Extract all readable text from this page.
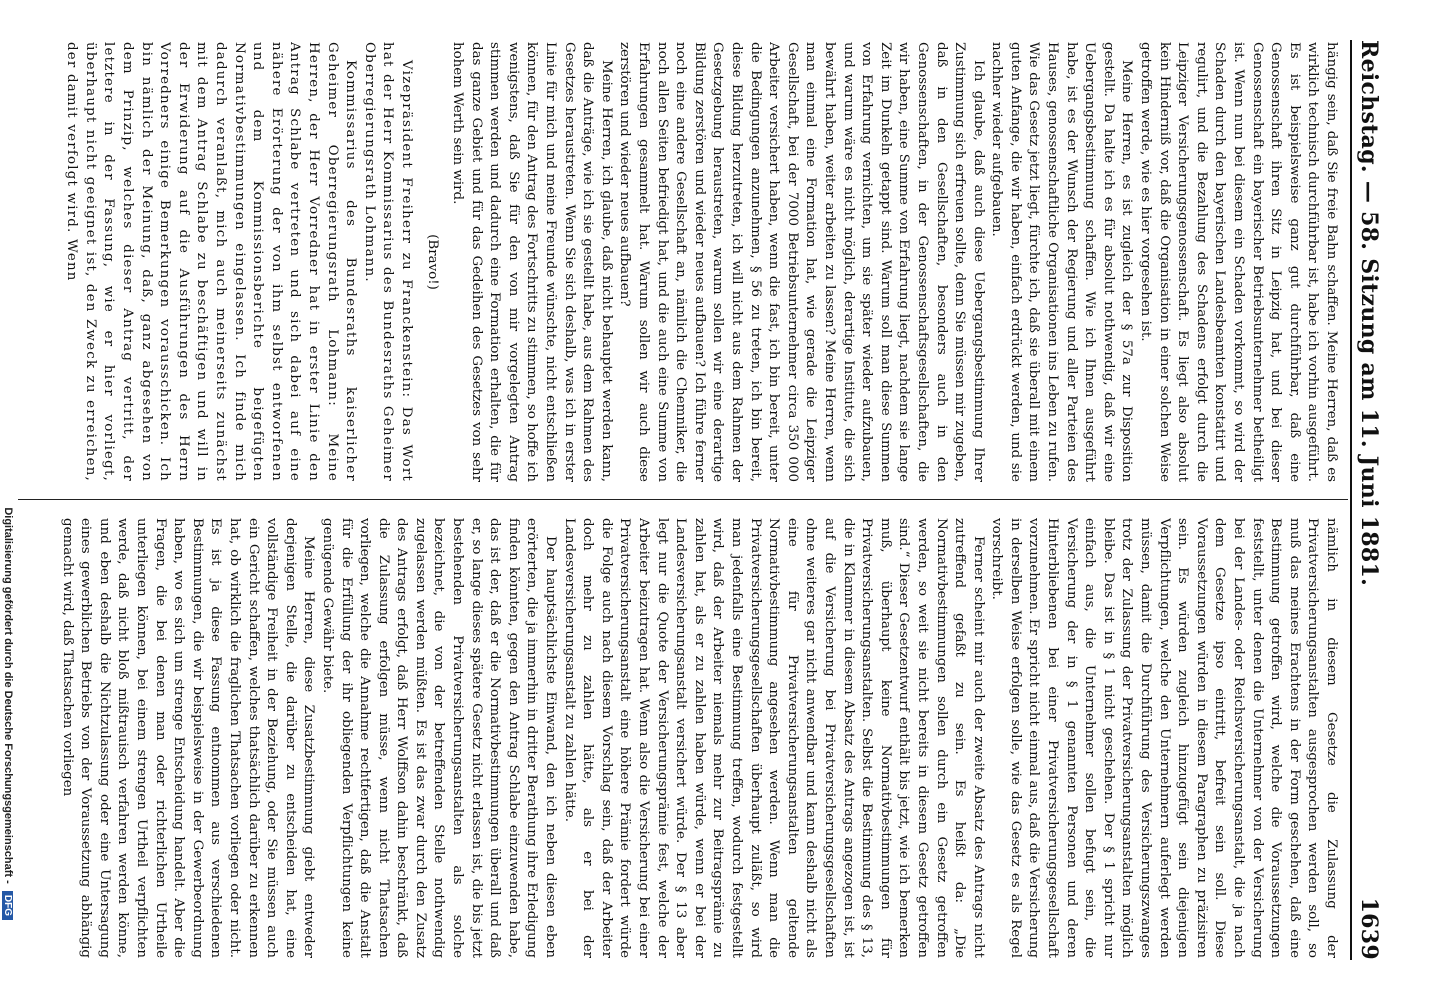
Reichstag. — 58. Sitzung am 11. Juni 1881.
1639

hängig sein, daß Sie freie Bahn schaffen. Meine Herren, daß es wirklich technisch durchführbar ist, habe ich vorhin ausgeführt. Es ist beispielsweise ganz gut durchführbar, daß eine Genossenschaft ihren Sitz in Leipzig hat, und bei dieser Genossenschaft ein bayerischer Betriebsunternehmer betheiligt ist. Wenn nun bei diesem ein Schaden vorkommt, so wird der Schaden durch den bayerischen Landesbeamten konstatirt und regulirt, und die Bezahlung des Schadens erfolgt durch die Leipziger Versicherungsgenossenschaft. Es liegt also absolut kein Hinderniß vor, daß die Organisation in einer solchen Weise getroffen werde, wie es hier vorgesehen ist.

Meine Herren, es ist zugleich der § 57a zur Disposition gestellt. Da halte ich es für absolut nothwendig, daß wir eine Uebergangsbestimmung schaffen. Wie ich Ihnen ausgeführt habe, ist es der Wunsch der Regierung und aller Parteien des Hauses, genossenschaftliche Organisationen ins Leben zu rufen. Wie das Gesetz jetzt liegt, fürchte ich, daß sie überall mit einem guten Anfange, die wir haben, einfach erdrückt werden, und sie nachher wieder aufgebauen.

Ich glaube, daß auch diese Uebergangsbestimmung Ihrer Zustimmung sich erfreuen sollte, denn Sie müssen mir zugeben, daß in den Gesellschaften, besonders auch in den Genossenschaften, in der Genossenschaftsgesellschaften, die wir haben, eine Summe von Erfahrung liegt, nachdem sie lange Zeit im Dunkeln getappt sind. Warum soll man diese Summen von Erfahrung vernichten, um sie später wieder aufzubauen, und warum wäre es nicht möglich, derartige Institute, die sich bewährt haben, weiter arbeiten zu lassen? Meine Herren, wenn man einmal eine Formation hat, wie gerade die Leipziger Gesellschaft, bei der 7000 Betriebsunternehmer circa 350 000 Arbeiter versichert haben, wenn die fast, ich bin bereit, unter die Bedingungen anzunehmen, § 56 zu treten, ich bin bereit, diese Bildung herzutreten, ich will nicht aus dem Rahmen der Gesetzgebung heraustreten, warum sollen wir eine derartige Bildung zerstören und wieder neues aufbauen? Ich führe ferner noch eine andere Gesellschaft an, nämlich die Chemniker, die noch allen Seiten befriedigt hat, und die auch eine Summe von Erfahrungen gesammelt hat. Warum sollen wir auch diese zerstören und wieder neues aufbauen?

Meine Herren, ich glaube, daß nicht behauptet werden kann, daß die Anträge, wie ich sie gestellt habe, aus dem Rahmen des Gesetzes heraustreten. Wenn Sie sich deshalb, was ich in erster Linie für mich und meine Freunde wünschte, nicht entschließen können, für den Antrag des Fortschritts zu stimmen, so hoffe ich wenigstens, daß Sie für den von mir vorgelegten Antrag stimmen werden und dadurch eine Formation erhalten, die für das ganze Gebiet und für das Gedeihen des Gesetzes von sehr hohem Werth sein wird.

(Bravo!)

Vizepräsident Freiherr zu Franckenstein: Das Wort hat der Herr Kommissarius des Bundesraths Geheimer Oberregierungsrath Lohmann.

Kommissarius des Bundesraths kaiserlicher Geheimer Oberregierungsrath Lohmann: Meine Herren, der Herr Vorredner hat in erster Linie den Antrag Schlabe vertreten und sich dabei auf eine nähere Erörterung der von ihm selbst entworfenen und dem Kommissionsberichte beigefügten Normativbestimmungen eingelassen. Ich finde mich dadurch veranlaßt, mich auch meinerseits zunächst mit dem Antrag Schlabe zu beschäftigen und will in der Erwiderung auf die Ausführungen des Herrn Vorredners einige Bemerkungen vorausschicken. Ich bin nämlich der Meinung, daß, ganz abgesehen von dem Prinzip, welches dieser Antrag vertritt, der letztere in der Fassung, wie er hier vorliegt, überhaupt nicht geeignet ist, den Zweck zu erreichen, der damit verfolgt wird. Wenn

nämlich in diesem Gesetze die Zulassung der Privatversicherungsanstalten ausgesprochen werden soll, so muß das meines Erachtens in der Form geschehen, daß eine Bestimmung getroffen wird, welche die Voraussetzungen feststellt, unter denen die Unternehmer von der Versicherung bei der Landes- oder Reichsversicherungsanstalt, die ja nach dem Gesetze ipso eintritt, befreit sein soll. Diese Voraussetzungen würden in diesem Paragraphen zu präzisiren sein. Es würden zugleich hinzugefügt sein diejenigen Verpflichtungen, welche den Unternehmern auferlegt werden müssen, damit die Durchführung des Versicherungszwanges trotz der Zulassung der Privatversicherungsanstalten möglich bleibe. Das ist in § 1 nicht geschehen. Der § 1 spricht nur einfach aus, die Unternehmer sollen befugt sein, die Versicherung der in § 1 genannten Personen und deren Hinterbliebenen bei einer Privatversicherungsgesellschaft vorzunehmen. Er spricht nicht einmal aus, daß die Versicherung in derselben Weise erfolgen solle, wie das Gesetz es als Regel vorschreibt.

Ferner scheint mir auch der zweite Absatz des Antrags nicht zutreffend gefaßt zu sein. Es heißt da: „Die Normativbestimmungen sollen durch ein Gesetz getroffen werden, so weit sie nicht bereits in diesem Gesetz getroffen sind.“ Dieser Gesetzentwurf enthält bis jetzt, wie ich bemerken muß, überhaupt keine Normativbestimmungen für Privatversicherungsanstalten. Selbst die Bestimmung des § 13, die in Klammer in diesem Absatz des Antrags angezogen ist, ist auf die Versicherung bei Privatversicherungsgesellschaften ohne weiteres gar nicht anwendbar und kann deshalb nicht als eine für Privatversicherungsanstalten geltende Normativbestimmung angesehen werden. Wenn man die Privatversicherungsgesellschaften überhaupt zuläßt, so wird man jedenfalls eine Bestimmung treffen, wodurch festgestellt wird, daß der Arbeiter niemals mehr zur Beitragsprämie zu zahlen hat, als er zu zahlen haben würde, wenn er bei der Landesversicherungsanstalt versichert würde. Der § 13 aber legt nur die Quote der Versicherungsprämie fest, welche der Arbeiter beizutragen hat. Wenn also die Versicherung bei einer Privatversicherungsanstalt eine höhere Prämie fordert würde die Folge auch nach diesem Vorschlag sein, daß der Arbeiter doch mehr zu zahlen hätte, als er bei der Landesversicherungsanstalt zu zahlen hätte.

Der hauptsächlichste Einwand, den ich neben diesen eben erörterten, die ja immerhin in dritter Berathung ihre Erledigung finden könnten, gegen den Antrag Schlabe einzuwenden habe, das ist der, daß er die Normativbestimmungen überall und daß er, so lange dieses spätere Gesetz nicht erlassen ist, die bis jetzt bestehenden Privatversicherungsanstalten als solche bezeichnet, die von der betreffenden Stelle nothwendig zugelassen werden müßten. Es ist das zwar durch den Zusatz des Antrags erfolgt, daß Herr Wolffson dahin beschränkt, daß die Zulassung erfolgen müsse, wenn nicht Thatsachen vorliegen, welche die Annahme rechtfertigen, daß die Anstalt für die Erfüllung der ihr obliegenden Verpflichtungen keine genügende Gewähr biete.

Meine Herren, diese Zusatzbestimmung giebt entweder derjenigen Stelle, die darüber zu entscheiden hat, eine vollständige Freiheit in der Beziehung, oder Sie müssen auch ein Gericht schaffen, welches thatsächlich darüber zu erkennen hat, ob wirklich die fraglichen Thatsachen vorliegen oder nicht. Es ist ja diese Fassung entnommen aus verschiedenen Bestimmungen, die wir beispielsweise in der Gewerbeordnung haben, wo es sich um strenge Entscheidung handelt. Aber die Fragen, die bei denen man oder richterlichen Urtheile unterliegen können, bei einem strengen Urtheil verpflichten werde, daß nicht bloß mißtrauisch verfahren werden könne, und eben deshalb die Nichtzulassung oder eine Untersagung eines gewerblichen Betriebs von der Voraussetzung abhängig gemacht wird, daß Thatsachen vorliegen

Digitalisierung gefördert durch die Deutsche Forschungsgemeinschaft - DFG
